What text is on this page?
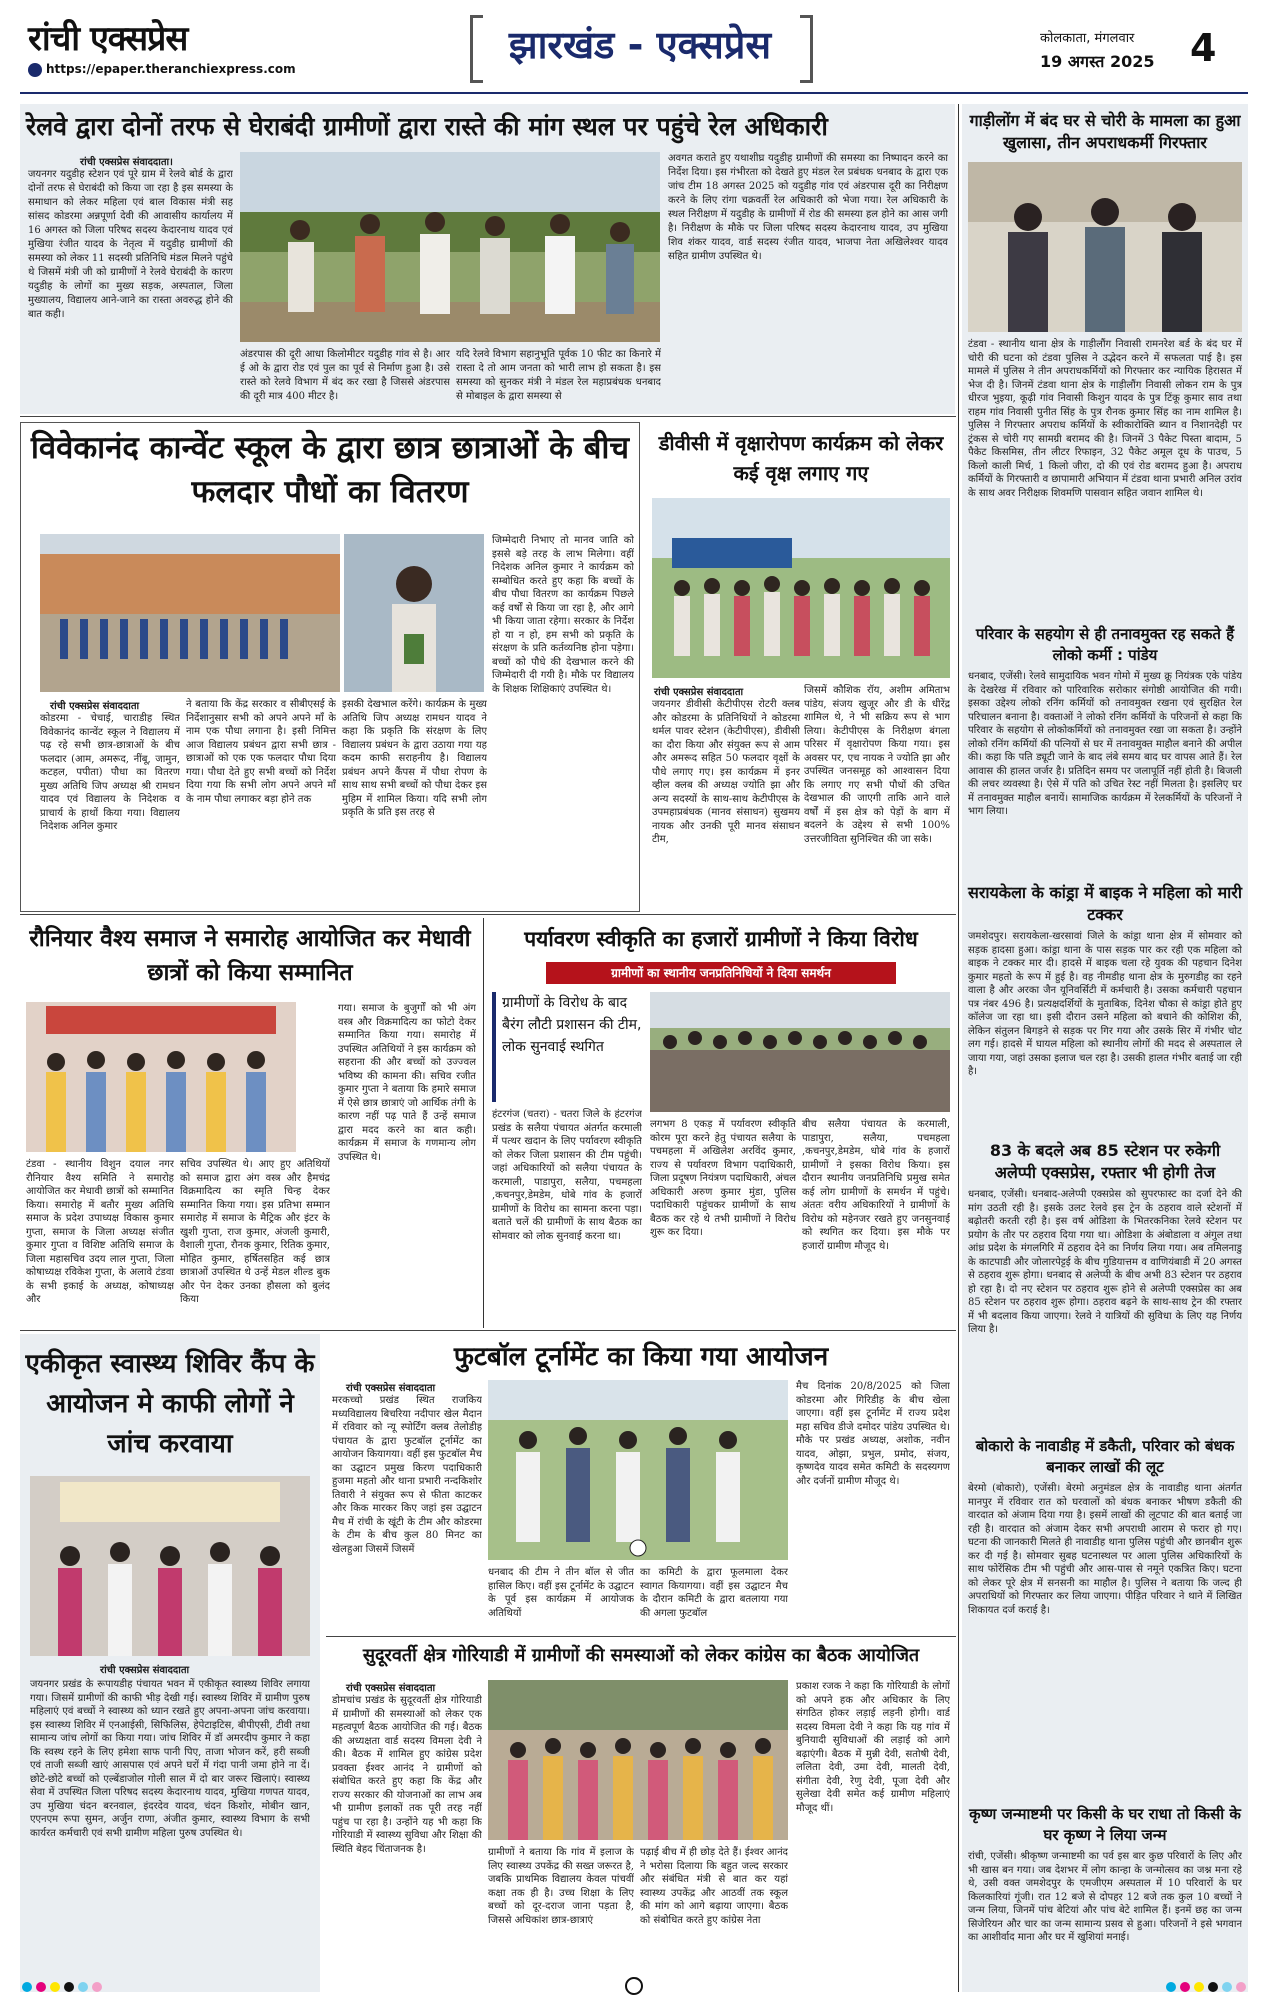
रांची एक्सप्रेस
https://epaper.theranchiexpress.com
झारखंड - एक्सप्रेस	कोलकाता, मंगलवार
19 अगस्त 2025 4
रेलवे द्वारा दोनों तरफ से घेराबंदी ग्रामीणों द्वारा रास्ते की मांग स्थल पर पहुंचे रेल अधिकारी
रांची एक्सप्रेस संवाददाता।
जयनगर यदुडीह स्टेशन एवं पूरे ग्राम में रेलवे बोर्ड के द्वारा दोनों तरफ से घेराबंदी को किया जा रहा है इस समस्या के समाधान को लेकर महिला एवं बाल विकास मंत्री सह सांसद कोडरमा अन्नपूर्णा देवी की आवासीय कार्यालय में 16 अगस्त को जिला परिषद सदस्य केदारनाथ यादव एवं मुखिया रंजीत यादव के नेतृत्व में यदुडीह ग्रामीणों की समस्या को लेकर 11 सदस्यी प्रतिनिधि मंडल मिलने पहुंचे थे जिसमें मंत्री जी को ग्रामीणों ने रेलवे घेराबंदी के कारण यदुडीह के लोगों का मुख्य सड़क, अस्पताल, जिला मुख्यालय, विद्यालय आने-जाने का रास्ता अवरुद्ध होने की बात कही।
अंडरपास की दूरी आधा किलोमीटर यदुडीह गांव से है। आर ई ओ के द्वारा रोड एवं पुल का पूर्व से निर्माण हुआ है। उसे रास्ते को रेलवे विभाग में बंद कर रखा है जिससे अंडरपास की दूरी मात्र 400 मीटर है।
यदि रेलवे विभाग सहानुभूति पूर्वक 10 फीट का किनारे में रास्ता दे तो आम जनता को भारी लाभ हो सकता है। इस समस्या को सुनकर मंत्री ने मंडल रेल महाप्रबंधक धनबाद से मोबाइल के द्वारा समस्या से
अवगत कराते हुए यथाशीघ्र यदुडीह ग्रामीणों की समस्या का निष्पादन करने का निर्देश दिया। इस गंभीरता को देखते हुए मंडल रेल प्रबंधक धनबाद के द्वारा एक जांच टीम 18 अगस्त 2025 को यदुडीह गांव एवं अंडरपास दूरी का निरीक्षण करने के लिए रांगा चक्रवर्ती रेल अधिकारी को भेजा गया। रेल अधिकारी के स्थल निरीक्षण में यदुडीह के ग्रामीणों में रोड की समस्या हल होने का आस जगी है। निरीक्षण के मौके पर जिला परिषद सदस्य केदारनाथ यादव, उप मुखिया शिव शंकर यादव, वार्ड सदस्य रंजीत यादव, भाजपा नेता अखिलेश्वर यादव सहित ग्रामीण उपस्थित थे।
गाड़ीलोंग में बंद घर से चोरी के मामला का हुआ खुलासा, तीन अपराधकर्मी गिरफ्तार
टंडवा - स्थानीय थाना क्षेत्र के गाड़ीलौंग निवासी रामनरेश बर्ड के बंद घर में चोरी की घटना को टंडवा पुलिस ने उद्भेदन करने में सफलता पाई है। इस मामले में पुलिस ने तीन अपराधकर्मियों को गिरफ्तार कर न्यायिक हिरासत में भेज दी है। जिनमें टंडवा थाना क्षेत्र के गाड़ीलौंग निवासी लोकन राम के पुत्र धीरज भुइया, कूढ़ी गांव निवासी किशुन यादव के पुत्र टिंकू कुमार साव तथा राहम गांव निवासी पुनीत सिंह के पुत्र रौनक कुमार सिंह का नाम शामिल है। पुलिस ने गिरफ्तार अपराध कर्मियों के स्वीकारोक्ति ब्यान व निशानदेही पर ट्रंकस से चोरी गए सामग्री बरामद की है। जिनमें 3 पैकेट पिस्ता बादाम, 5 पैकेट किसमिस, तीन लीटर रिफाइन, 32 पैकेट अमूल दूध के पाउच, 5 किलो काली मिर्च, 1 किलो जीरा, दो की एवं रोड बरामद हुआ है। अपराध कर्मियों के गिरफ्तारी व छापामारी अभियान में टंडवा थाना प्रभारी अनिल उरांव के साथ अवर निरीक्षक शिवमणि पासवान सहित जवान शामिल थे।
परिवार के सहयोग से ही तनावमुक्त रह सकते हैं लोको कर्मी : पांडेय
धनबाद, एजेंसी। रेलवे सामुदायिक भवन गोमो में मुख्य क्रू नियंत्रक एके पांडेय के देखरेख में रविवार को पारिवारिक सरोकार संगोष्ठी आयोजित की गयी। इसका उद्देश्य लोको रनिंग कर्मियों को तनावमुक्त रखना एवं सुरक्षित रेल परिचालन बनाना है। वक्ताओं ने लोको रनिंग कर्मियों के परिजनों से कहा कि परिवार के सहयोग से लोकोकर्मियों को तनावमुक्त रखा जा सकता है। उन्होंने लोको रनिंग कर्मियों की पत्नियों से घर में तनावमुक्त माहौल बनाने की अपील की। कहा कि पति ड्यूटी जाने के बाद लंबे समय बाद घर वापस आते हैं। रेल आवास की हालत जर्जर है। प्रतिदिन समय पर जलापूर्ति नहीं होती है। बिजली की लचर व्यवस्था है। ऐसे में पति को उचित रेस्ट नहीं मिलता है। इसलिए घर में तनावमुक्त माहौल बनायें। सामाजिक कार्यक्रम में रेलकर्मियों के परिजनों ने भाग लिया।
सरायकेला के कांड्रा में बाइक ने महिला को मारी टक्कर
जमशेदपुर। सरायकेला-खरसावां जिले के कांड्रा थाना क्षेत्र में सोमवार को सड़क हादसा हुआ। कांड्रा थाना के पास सड़क पार कर रही एक महिला को बाइक ने टक्कर मार दी। हादसे में बाइक चला रहे युवक की पहचान दिनेश कुमार महतो के रूप में हुई है। वह नीमडीह थाना क्षेत्र के मुरुगडीह का रहने वाला है और अरका जैन यूनिवर्सिटी में कर्मचारी है। उसका कर्मचारी पहचान पत्र नंबर 496 है। प्रत्यक्षदर्शियों के मुताबिक, दिनेश चौका से कांड्रा होते हुए कॉलेज जा रहा था। इसी दौरान उसने महिला को बचाने की कोशिश की, लेकिन संतुलन बिगड़ने से सड़क पर गिर गया और उसके सिर में गंभीर चोट लग गई। हादसे में घायल महिला को स्थानीय लोगों की मदद से अस्पताल ले जाया गया, जहां उसका इलाज चल रहा है। उसकी हालत गंभीर बताई जा रही है।
83 के बदले अब 85 स्टेशन पर रुकेगी अलेप्पी एक्सप्रेस, रफ्तार भी होगी तेज
धनबाद, एजेंसी। धनबाद-अलेप्पी एक्सप्रेस को सुपरफास्ट का दर्जा देने की मांग उठती रही है। इसके उलट रेलवे इस ट्रेन के ठहराव वाले स्टेशनों में बढ़ोतरी करती रही है। इस वर्ष ओडिशा के भितरकनिका रेलवे स्टेशन पर प्रयोग के तौर पर ठहराव दिया गया था। ओडिशा के अंबोडाला व अंगुल तथा आंध्र प्रदेश के मंगलगिरि में ठहराव देने का निर्णय लिया गया। अब तमिलनाडु के काटपाडी और जोलारपेट्टई के बीच गुडियात्तम व वाणियंबाडी में 20 अगस्त से ठहराव शुरू होगा। धनबाद से अलेप्पी के बीच अभी 83 स्टेशन पर ठहराव हो रहा है। दो नए स्टेशन पर ठहराव शुरू होने से अलेप्पी एक्सप्रेस का अब 85 स्टेशन पर ठहराव शुरू होगा। ठहराव बढ़ने के साथ-साथ ट्रेन की रफ्तार में भी बदलाव किया जाएगा। रेलवे ने यात्रियों की सुविधा के लिए यह निर्णय लिया है।
बोकारो के नावाडीह में डकैती, परिवार को बंधक बनाकर लाखों की लूट
बेरमो (बोकारो), एजेंसी। बेरमो अनुमंडल क्षेत्र के नावाडीह थाना अंतर्गत मानपुर में रविवार रात को घरवालों को बंधक बनाकर भीषण डकैती की वारदात को अंजाम दिया गया है। इसमें लाखों की लूटपाट की बात बताई जा रही है। वारदात को अंजाम देकर सभी अपराधी आराम से फरार हो गए। घटना की जानकारी मिलते ही नावाडीह थाना पुलिस पहुंची और छानबीन शुरू कर दी गई है। सोमवार सुबह घटनास्थल पर आला पुलिस अधिकारियों के साथ फोरेंसिक टीम भी पहुंची और आस-पास से नमूने एकत्रित किए। घटना को लेकर पूरे क्षेत्र में सनसनी का माहौल है। पुलिस ने बताया कि जल्द ही अपराधियों को गिरफ्तार कर लिया जाएगा। पीड़ित परिवार ने थाने में लिखित शिकायत दर्ज कराई है।
कृष्ण जन्माष्टमी पर किसी के घर राधा तो किसी के घर कृष्ण ने लिया जन्म
रांची, एजेंसी। श्रीकृष्ण जन्माष्टमी का पर्व इस बार कुछ परिवारों के लिए और भी खास बन गया। जब देशभर में लोग कान्हा के जन्मोत्सव का जश्न मना रहे थे, उसी वक्त जमशेदपुर के एमजीएम अस्पताल में 10 परिवारों के घर किलकारियां गूंजी। रात 12 बजे से दोपहर 12 बजे तक कुल 10 बच्चों ने जन्म लिया, जिनमें पांच बेटियां और पांच बेटे शामिल हैं। इनमें छह का जन्म सिजेरियन और चार का जन्म सामान्य प्रसव से हुआ। परिजनों ने इसे भगवान का आशीर्वाद माना और घर में खुशियां मनाई।
विवेकानंद कान्वेंट स्कूल के द्वारा छात्र छात्राओं के बीच फलदार पौधों का वितरण
रांची एक्सप्रेस संवाददाता
कोडरमा - चेचाई, चाराडीह स्थित विवेकानंद कान्वेंट स्कूल ने विद्यालय में पढ़ रहे सभी छात्र-छात्राओं के बीच फलदार (आम, अमरूद, नींबू, जामुन, कटहल, पपीता) पौधा का वितरण मुख्य अतिथि जिप अध्यक्ष श्री रामधन यादव एवं विद्यालय के निदेशक व प्राचार्य के हाथों किया गया। विद्यालय निदेशक अनिल कुमार
ने बताया कि केंद्र सरकार व सीबीएसई के निर्देशानुसार सभी को अपने अपने माँ के नाम एक पौधा लगाना है। इसी निमित्त आज विद्यालय प्रबंधन द्वारा सभी छात्र - छात्राओं को एक एक फलदार पौधा दिया गया। पौधा देते हुए सभी बच्चों को निर्देश दिया गया कि सभी लोग अपने अपने माँ के नाम पौधा लगाकर बड़ा होने तक
इसकी देखभाल करेंगे। कार्यक्रम के मुख्य अतिथि जिप अध्यक्ष रामधन यादव ने कहा कि प्रकृति कि संरक्षण के लिए विद्यालय प्रबंधन के द्वारा उठाया गया यह कदम काफी सराहनीय है। विद्यालय प्रबंधन अपने कैंपस में पौधा रोपण के साथ साथ सभी बच्चों को पौधा देकर इस मुहिम में शामिल किया। यदि सभी लोग प्रकृति के प्रति इस तरह से
जिम्मेदारी निभाए तो मानव जाति को इससे बड़े तरह के लाभ मिलेगा। वहीं निदेशक अनिल कुमार ने कार्यक्रम को सम्बोधित करते हुए कहा कि बच्चों के बीच पौधा वितरण का कार्यक्रम पिछले कई वर्षों से किया जा रहा है, और आगे भी किया जाता रहेगा। सरकार के निर्देश हो या न हो, हम सभी को प्रकृति के संरक्षण के प्रति कर्तव्यनिष्ठ होना पड़ेगा। बच्चों को पौधे की देखभाल करने की जिम्मेदारी दी गयी है। मौके पर विद्यालय के शिक्षक शिक्षिकाएं उपस्थित थे।
डीवीसी में वृक्षारोपण कार्यक्रम को लेकर कई वृक्ष लगाए गए
रांची एक्सप्रेस संवाददाता
जयनगर डीवीसी केटीपीएस रोटरी क्लब और कोडरमा के प्रतिनिधियों ने कोडरमा थर्मल पावर स्टेशन (केटीपीएस), डीवीसी का दौरा किया और संयुक्त रूप से आम और अमरूद सहित 50 फलदार वृक्षों के पौधे लगाए गए। इस कार्यक्रम में इनर व्हील क्लब की अध्यक्ष ज्योति झा और अन्य सदस्यों के साथ-साथ केटीपीएस के उपमहाप्रबंधक (मानव संसाधन) सुखमय नायक और उनकी पूरी मानव संसाधन टीम,
जिसमें कौशिक रॉय, अशीम अमिताभ पांडेय, संजय खुजूर और डी के धीरेंद्र शामिल थे, ने भी सक्रिय रूप से भाग लिया। केटीपीएस के निरीक्षण बंगला परिसर में वृक्षारोपण किया गया। इस अवसर पर, एच नायक ने ज्योति झा और उपस्थित जनसमूह को आश्वासन दिया कि लगाए गए सभी पौधों की उचित देखभाल की जाएगी ताकि आने वाले वर्षों में इस क्षेत्र को पेड़ों के बाग में बदलने के उद्देश्य से सभी 100% उत्तरजीविता सुनिश्चित की जा सके।
रौनियार वैश्य समाज ने समारोह आयोजित कर मेधावी छात्रों को किया सम्मानित
टंडवा - स्थानीय विशुन दयाल नगर रौनियार वैश्य समिति ने समारोह आयोजित कर मेधावी छात्रों को सम्मानित किया। समारोह में बतौर मुख्य अतिथि समाज के प्रदेश उपाध्यक्ष विकास कुमार गुप्ता, समाज के जिला अध्यक्ष संजीत कुमार गुप्ता व विशिष्ट अतिथि समाज के जिला महासचिव उदय लाल गुप्ता, जिला कोषाध्यक्ष रविकेश गुप्ता, के अलावे टंडवा के सभी इकाई के अध्यक्ष, कोषाध्यक्ष और
सचिव उपस्थित थे। आए हुए अतिथियों को समाज द्वारा अंग वस्त्र और हैमचंद्र विक्रमादित्य का स्मृति चिन्ह देकर सम्मानित किया गया। इस प्रतिभा सम्मान समारोह में समाज के मैट्रिक और इंटर के खुशी गुप्ता, राज कुमार, अंजली कुमारी, वैशाली गुप्ता, रौनक कुमार, रितिक कुमार, मोहित कुमार, हर्षितसहित कई छात्र छात्राओं उपस्थित थे उन्हें मेडल शील्ड बुक और पेन देकर उनका हौसला को बुलंद किया
गया। समाज के बुजुर्गों को भी अंग वस्त्र और विक्रमादित्य का फोटो देकर सम्मानित किया गया। समारोह में उपस्थित अतिथियों ने इस कार्यक्रम को सहराना की और बच्चों को उज्ज्वल भविष्य की कामना की। सचिव रजीत कुमार गुप्ता ने बताया कि हमारे समाज में ऐसे छात्र छात्राएं जो आर्थिक तंगी के कारण नहीं पढ़ पाते हैं उन्हें समाज द्वारा मदद करने का बात कही। कार्यक्रम में समाज के गणमान्य लोग उपस्थित थे।
पर्यावरण स्वीकृति का हजारों ग्रामीणों ने किया विरोध
ग्रामीणों का स्थानीय जनप्रतिनिधियों ने दिया समर्थन
ग्रामीणों के विरोध के बाद बैरंग लौटी प्रशासन की टीम, लोक सुनवाई स्थगित
हंटरगंज (चतरा) - चतरा जिले के हंटरगंज प्रखंड के सलैया पंचायत अंतर्गत करमाली में पत्थर खदान के लिए पर्यावरण स्वीकृति को लेकर जिला प्रशासन की टीम पहुंची। जहां अधिकारियों को सलैया पंचायत के करमाली, पाडापुरा, सलैया, पचमहला ,कचनपुर,डेमडेम, धोबे गांव के हजारों ग्रामीणों के विरोध का सामना करना पड़ा। बताते चलें की ग्रामीणों के साथ बैठक का सोमवार को लोक सुनवाई करना था।
लगभग 8 एकड़ में पर्यावरण स्वीकृति कोरम पूरा करने हेतु पंचायत सलैया के पचमहला में अखिलेश अरविंद कुमार, राज्य से पर्यावरण विभाग पदाधिकारी, जिला प्रदूषण नियंत्रण पदाधिकारी, अंचल अधिकारी अरुण कुमार मुंडा, पुलिस पदाधिकारी पहुंचकर ग्रामीणों के साथ बैठक कर रहे थे तभी ग्रामीणों ने विरोध शुरू कर दिया।
बीच सलैया पंचायत के करमाली, पाडापुरा, सलैया, पचमहला ,कचनपुर,डेमडेम, धोबे गांव के हजारों ग्रामीणों ने इसका विरोध किया। इस दौरान स्थानीय जनप्रतिनिधि प्रमुख समेत कई लोग ग्रामीणों के समर्थन में पहुंचे। अंततः वरीय अधिकारियों ने ग्रामीणों के विरोध को महेनजर रखते हुए जनसुनवाई को स्थगित कर दिया। इस मौके पर हजारों ग्रामीण मौजूद थे।
एकीकृत स्वास्थ्य शिविर कैंप के आयोजन मे काफी लोगों ने जांच करवाया
रांची एक्सप्रेस संवाददाता
जयनगर प्रखंड के रूपायडीह पंचायत भवन में एकीकृत स्वास्थ्य शिविर लगाया गया। जिसमें ग्रामीणों की काफी भीड़ देखी गई। स्वास्थ्य शिविर में ग्रामीण पुरुष महिलाएं एवं बच्चों ने स्वास्थ्य को ध्यान रखते हुए अपना-अपना जांच करवाया। इस स्वास्थ्य शिविर में एनआईसी, सिफिलिस, हेपेटाइटिस, बीपीएसी, टीवी तथा सामान्य जांच लोगों का किया गया। जांच शिविर में डॉ अमरदीप कुमार ने कहा कि स्वस्थ रहने के लिए हमेशा साफ पानी पिए, ताजा भोजन करें, हरी सब्जी एवं ताजी सब्जी खाएं आसपास एवं अपने घरों में गंदा पानी जमा होने ना दें। छोटे-छोटे बच्चों को एल्बेंडाजोल गोली साल में दो बार जरूर खिलाएं। स्वास्थ्य सेवा में उपस्थित जिला परिषद सदस्य केदारनाथ यादव, मुखिया गणपत यादव, उप मुखिया चंदन बरनवाल, इंदरदेव यादव, चंदन किशोर, मोबीन खान, एएनएम रूपा सुमन, अर्जुन राणा, अंजीत कुमार, स्वास्थ्य विभाग के सभी कार्यरत कर्मचारी एवं सभी ग्रामीण महिला पुरुष उपस्थित थे।
फुटबॉल टूर्नामेंट का किया गया आयोजन
रांची एक्सप्रेस संवाददाता
मरकच्चो प्रखंड स्थित राजकिय मध्यविद्यालय बिचरिया नदीपार खेल मैदान में रविवार को न्यू स्पोर्टिंग क्लब तेलोडीह पंचायत के द्वारा फुटबॉल टूर्नामेंट का आयोजन कियागया। वहीं इस फुटबॉल मैच का उद्घाटन प्रमुख किरण पदाधिकारी हुजमा महतो और थाना प्रभारी नन्दकिशोर तिवारी ने संयुक्त रूप से फीता काटकर और किक मारकर किए जहां इस उद्घाटन मैच में रांची के खूंटी के टीम और कोडरमा के टीम के बीच कुल 80 मिनट का खेलहुआ जिसमें जिसमें
धनबाद की टीम ने तीन बॉल से जीत हासिल किए। वहीं इस टूर्नामेंट के उद्घाटन के पूर्व इस कार्यक्रम में आयोजक अतिथियों
का कमिटी के द्वारा फूलमाला देकर स्वागत कियागया। वहीं इस उद्घाटन मैच के दौरान कमिटी के द्वारा बतलाया गया की अगला फुटबॉल
मैच दिनांक 20/8/2025 को जिला कोडरमा और गिरिडीह के बीच खेला जाएगा। वहीं इस टूर्नामेंट में राज्य प्रदेश महा सचिव डीजे दमोदर पांडेय उपस्थित थे। मौके पर प्रखंड अध्यक्ष, अशोक, नवीन यादव, ओझा, प्रभुल, प्रमोद, संजय, कृष्णदेव यादव समेत कमिटी के सदस्यगण और दर्जनों ग्रामीण मौजूद थे।
सुदूरवर्ती क्षेत्र गोरियाडी में ग्रामीणों की समस्याओं को लेकर कांग्रेस का बैठक आयोजित
रांची एक्सप्रेस संवाददाता
डोमचांच प्रखंड के सुदूरवर्ती क्षेत्र गोरियाडी में ग्रामीणों की समस्याओं को लेकर एक महत्वपूर्ण बैठक आयोजित की गई। बैठक की अध्यक्षता वार्ड सदस्य विमला देवी ने की। बैठक में शामिल हुए कांग्रेस प्रदेश प्रवक्ता ईश्वर आनंद ने ग्रामीणों को संबोधित करते हुए कहा कि केंद्र और राज्य सरकार की योजनाओं का लाभ अब भी ग्रामीण इलाकों तक पूरी तरह नहीं पहुंच पा रहा है। उन्होंने यह भी कहा कि गोरियाडी में स्वास्थ्य सुविधा और शिक्षा की स्थिति बेहद चिंताजनक है।	ग्रामीणों ने बताया कि गांव में इलाज के लिए स्वास्थ्य उपकेंद्र की सख्त जरूरत है, जबकि प्राथमिक विद्यालय केवल पांचवीं कक्षा तक ही है। उच्च शिक्षा के लिए बच्चों को दूर-दराज जाना पड़ता है, जिससे अधिकांश छात्र-छात्राएं
पढ़ाई बीच में ही छोड़ देते हैं। ईश्वर आनंद ने भरोसा दिलाया कि बहुत जल्द सरकार और संबंधित मंत्री से बात कर यहां स्वास्थ्य उपकेंद्र और आठवीं तक स्कूल की मांग को आगे बढ़ाया जाएगा। बैठक को संबोधित करते हुए कांग्रेस नेता
प्रकाश रजक ने कहा कि गोरियाडी के लोगों को अपने हक और अधिकार के लिए संगठित होकर लड़ाई लड़नी होगी। वार्ड सदस्य विमला देवी ने कहा कि यह गांव में बुनियादी सुविधाओं की लड़ाई को आगे बढ़ाएंगी। बैठक में मुन्नी देवी, सतोषी देवी, ललिता देवी, उमा देवी, मालती देवी, संगीता देवी, रेणु देवी, पूजा देवी और सुलेखा देवी समेत कई ग्रामीण महिलाएं मौजूद थीं।
